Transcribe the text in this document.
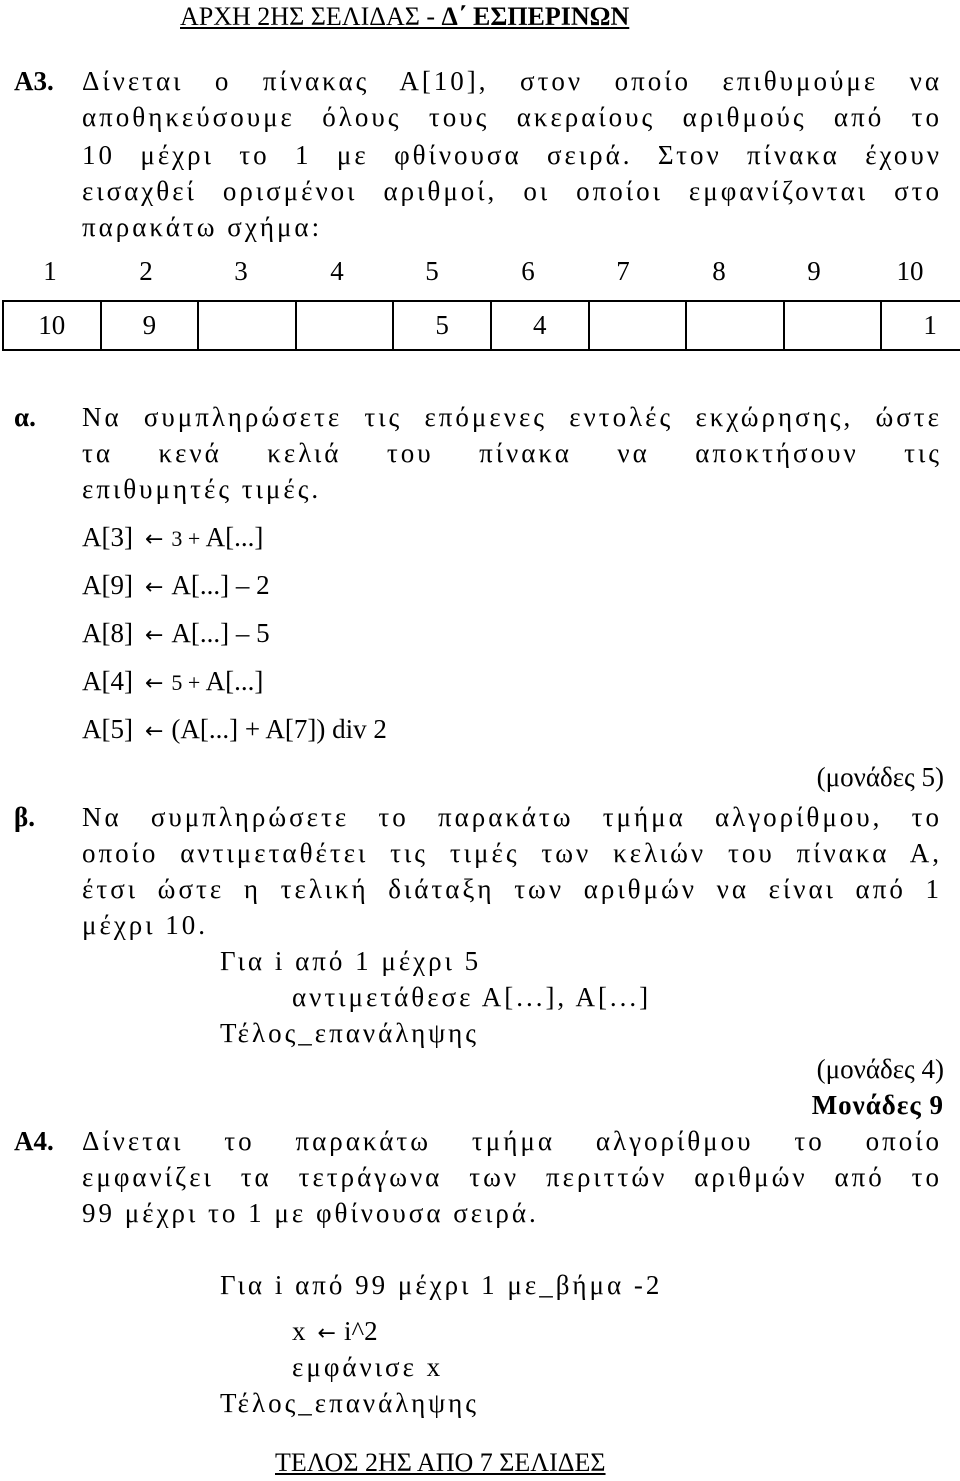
ΑΡΧΗ 2ΗΣ ΣΕΛΙΔΑΣ - Δ΄ ΕΣΠΕΡΙΝΩΝ
Α3. Δίνεται ο πίνακας Α[10], στον οποίο επιθυμούμε να
αποθηκεύσουμε όλους τους ακεραίους αριθμούς από το
10 μέχρι το 1 με φθίνουσα σειρά. Στον πίνακα έχουν
εισαχθεί ορισμένοι αριθμοί, οι οποίοι εμφανίζονται στο
παρακάτω σχήμα:
1	2	3	4	5	6	7	8	9	10
10	9			5	4				1
α. Να συμπληρώσετε τις επόμενες εντολές εκχώρησης, ώστε
τα κενά κελιά του πίνακα να αποκτήσουν τις
επιθυμητές τιμές.
Α[3] ← 3 + Α[...]
Α[9] ← Α[...] – 2
Α[8] ← Α[...] – 5
Α[4] ← 5 + Α[...]
Α[5] ← (Α[...] + Α[7]) div 2
(μονάδες 5)
β. Να συμπληρώσετε το παρακάτω τμήμα αλγορίθμου, το
οποίο αντιμεταθέτει τις τιμές των κελιών του πίνακα Α,
έτσι ώστε η τελική διάταξη των αριθμών να είναι από 1
μέχρι 10.
Για i από 1 μέχρι 5
αντιμετάθεσε Α[...], Α[...]
Τέλος_επανάληψης
(μονάδες 4)
Μονάδες 9
Α4. Δίνεται το παρακάτω τμήμα αλγορίθμου το οποίο
εμφανίζει τα τετράγωνα των περιττών αριθμών από το
99 μέχρι το 1 με φθίνουσα σειρά.
Για i από 99 μέχρι 1 με_βήμα -2
x ← i^2
εμφάνισε x
Τέλος_επανάληψης
ΤΕΛΟΣ 2ΗΣ ΑΠΟ 7 ΣΕΛΙΔΕΣ
